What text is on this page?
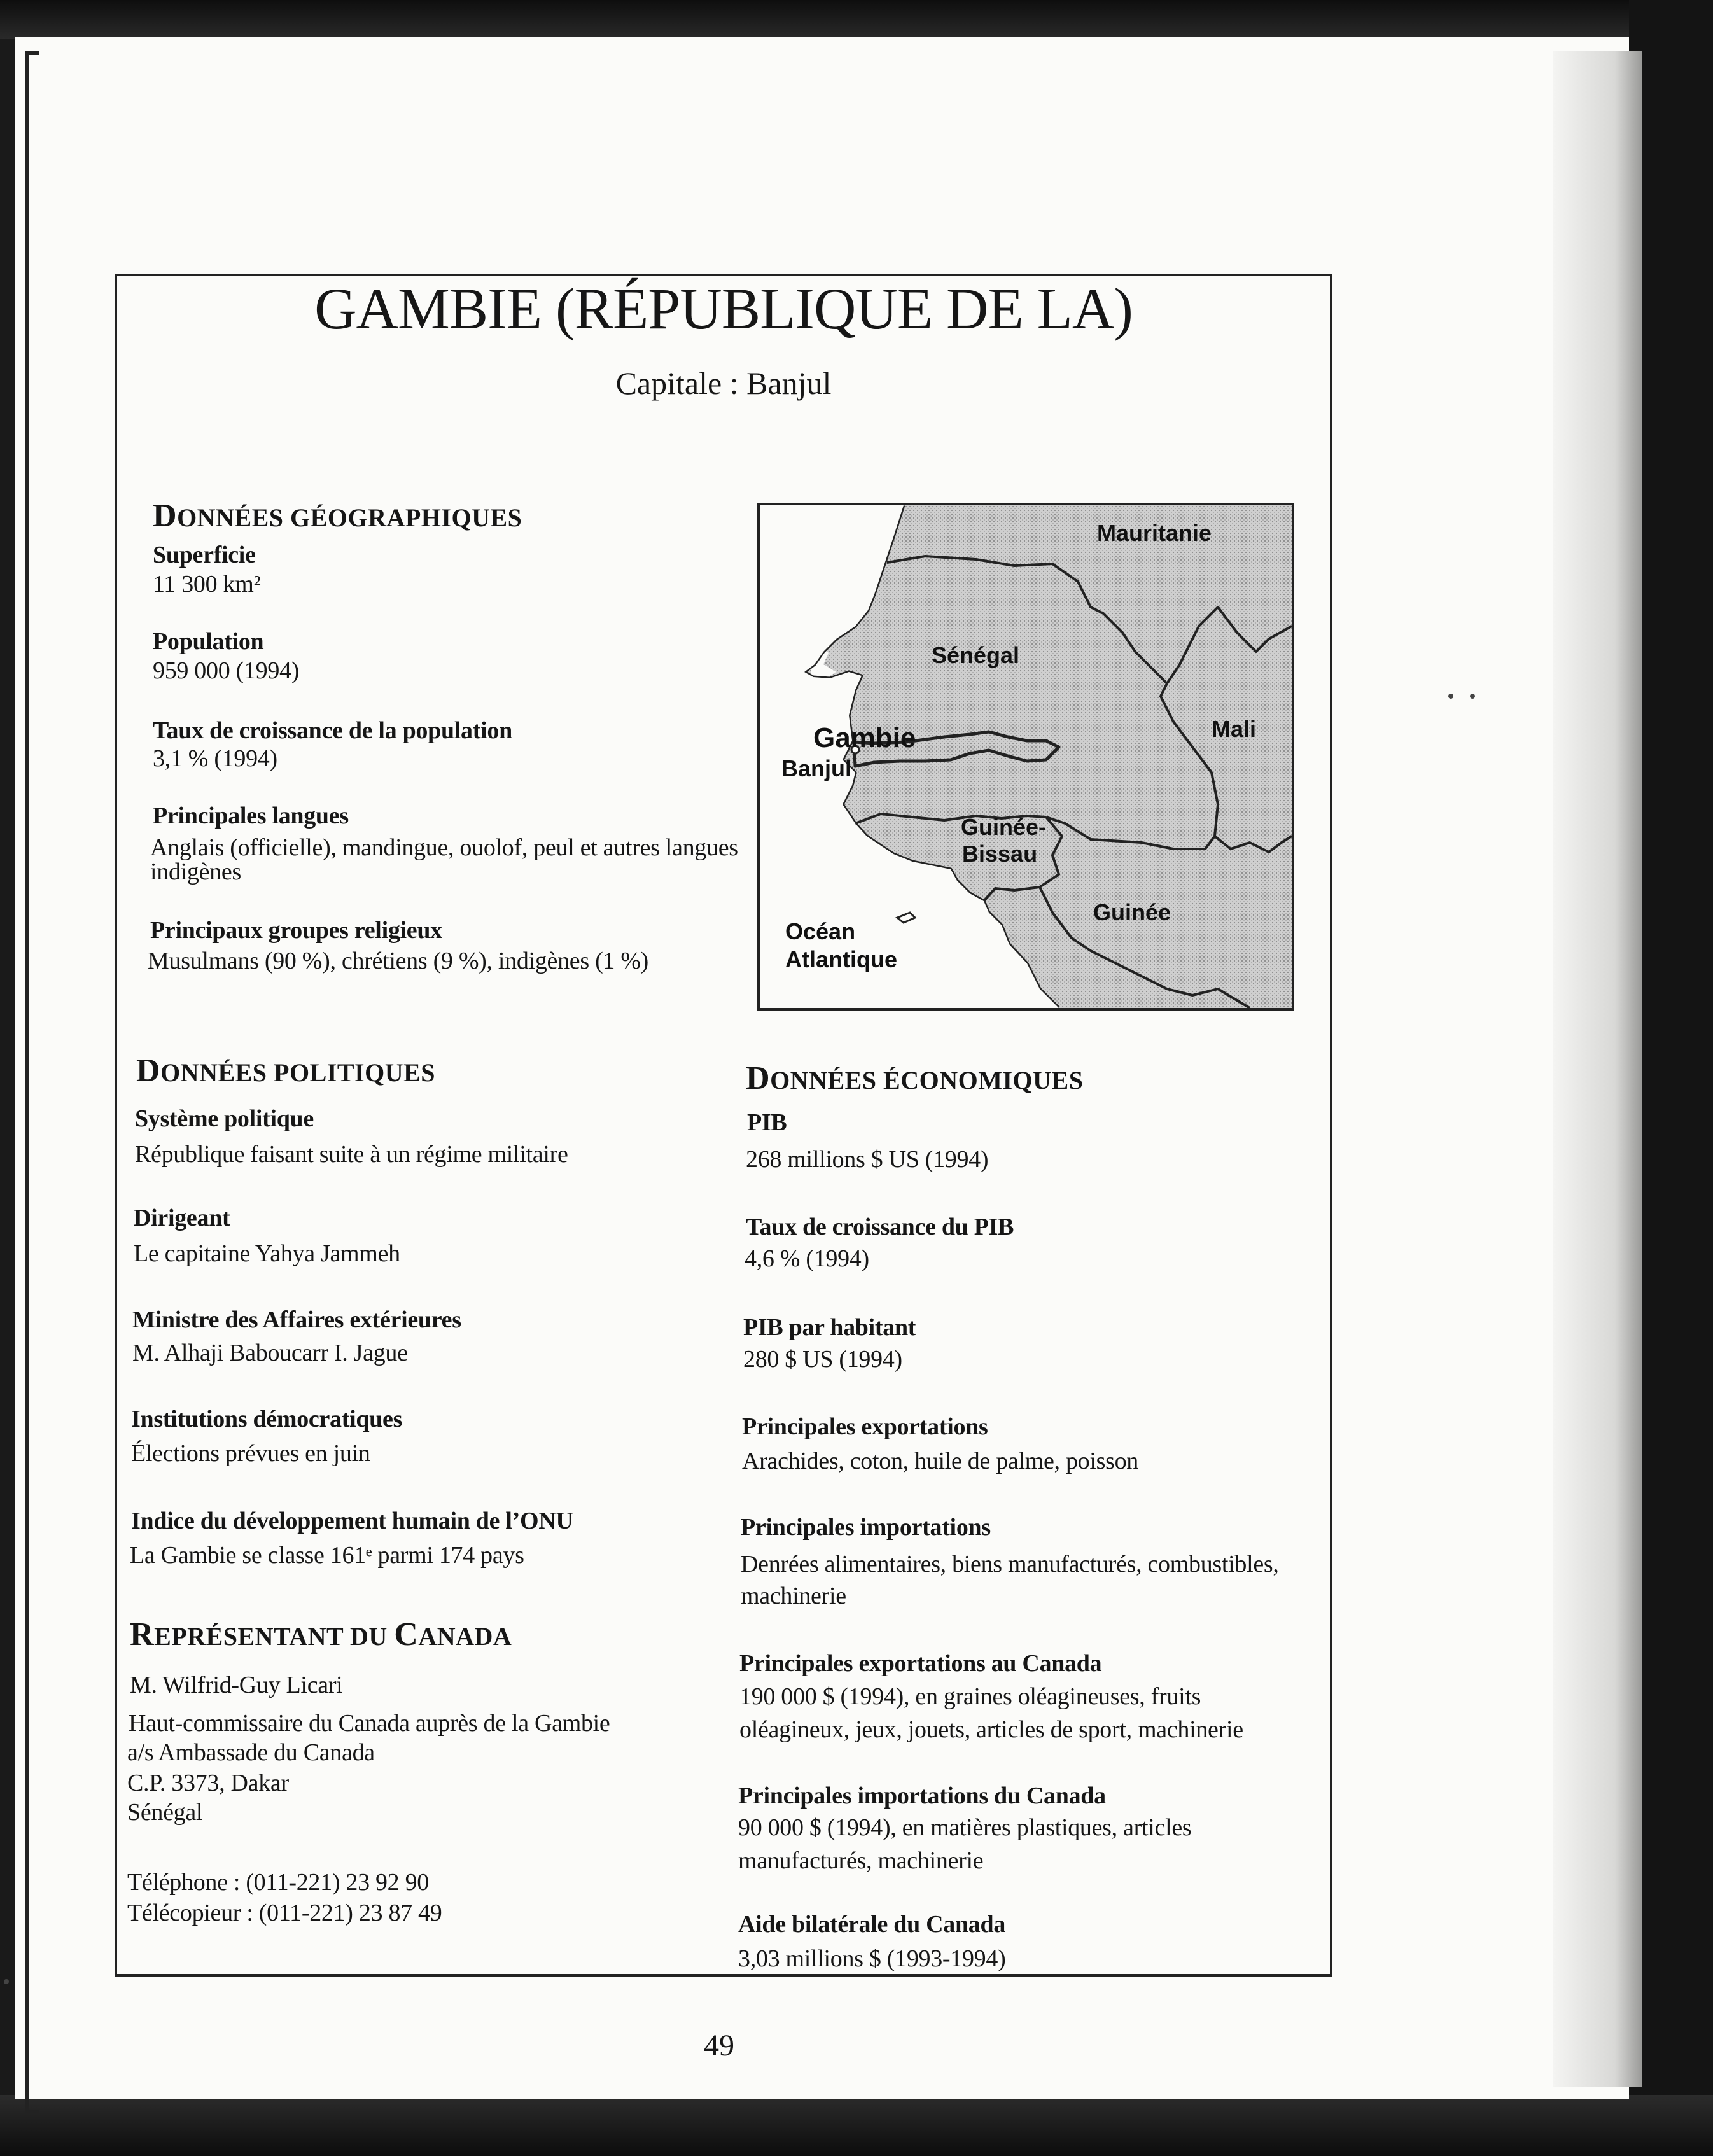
GAMBIE (RÉPUBLIQUE DE LA)
Capitale : Banjul
DONNÉES GÉOGRAPHIQUES
Superficie
11 300 km²
Population
959 000 (1994)
Taux de croissance de la population
3,1 % (1994)
Principales langues
Anglais (officielle), mandingue, ouolof, peul et autres langues
indigènes
Principaux groupes religieux
Musulmans (90 %), chrétiens (9 %), indigènes (1 %)
Mauritanie
Sénégal
Mali
Gambie
Banjul
Guinée-
Bissau
Guinée
Océan
Atlantique
DONNÉES POLITIQUES
Système politique
République faisant suite à un régime militaire
Dirigeant
Le capitaine Yahya Jammeh
Ministre des Affaires extérieures
M. Alhaji Baboucarr I. Jague
Institutions démocratiques
Élections prévues en juin
Indice du développement humain de l’ONU
La Gambie se classe 161ᵉ parmi 174 pays
REPRÉSENTANT DU CANADA
M. Wilfrid-Guy Licari
Haut-commissaire du Canada auprès de la Gambie
a/s Ambassade du Canada
C.P. 3373, Dakar
Sénégal
Téléphone : (011-221) 23 92 90
Télécopieur : (011-221) 23 87 49
DONNÉES ÉCONOMIQUES
PIB
268 millions $ US (1994)
Taux de croissance du PIB
4,6 % (1994)
PIB par habitant
280 $ US (1994)
Principales exportations
Arachides, coton, huile de palme, poisson
Principales importations
Denrées alimentaires, biens manufacturés, combustibles,
machinerie
Principales exportations au Canada
190 000 $ (1994), en graines oléagineuses, fruits
oléagineux, jeux, jouets, articles de sport, machinerie
Principales importations du Canada
90 000 $ (1994), en matières plastiques, articles
manufacturés, machinerie
Aide bilatérale du Canada
3,03 millions $ (1993-1994)
49
